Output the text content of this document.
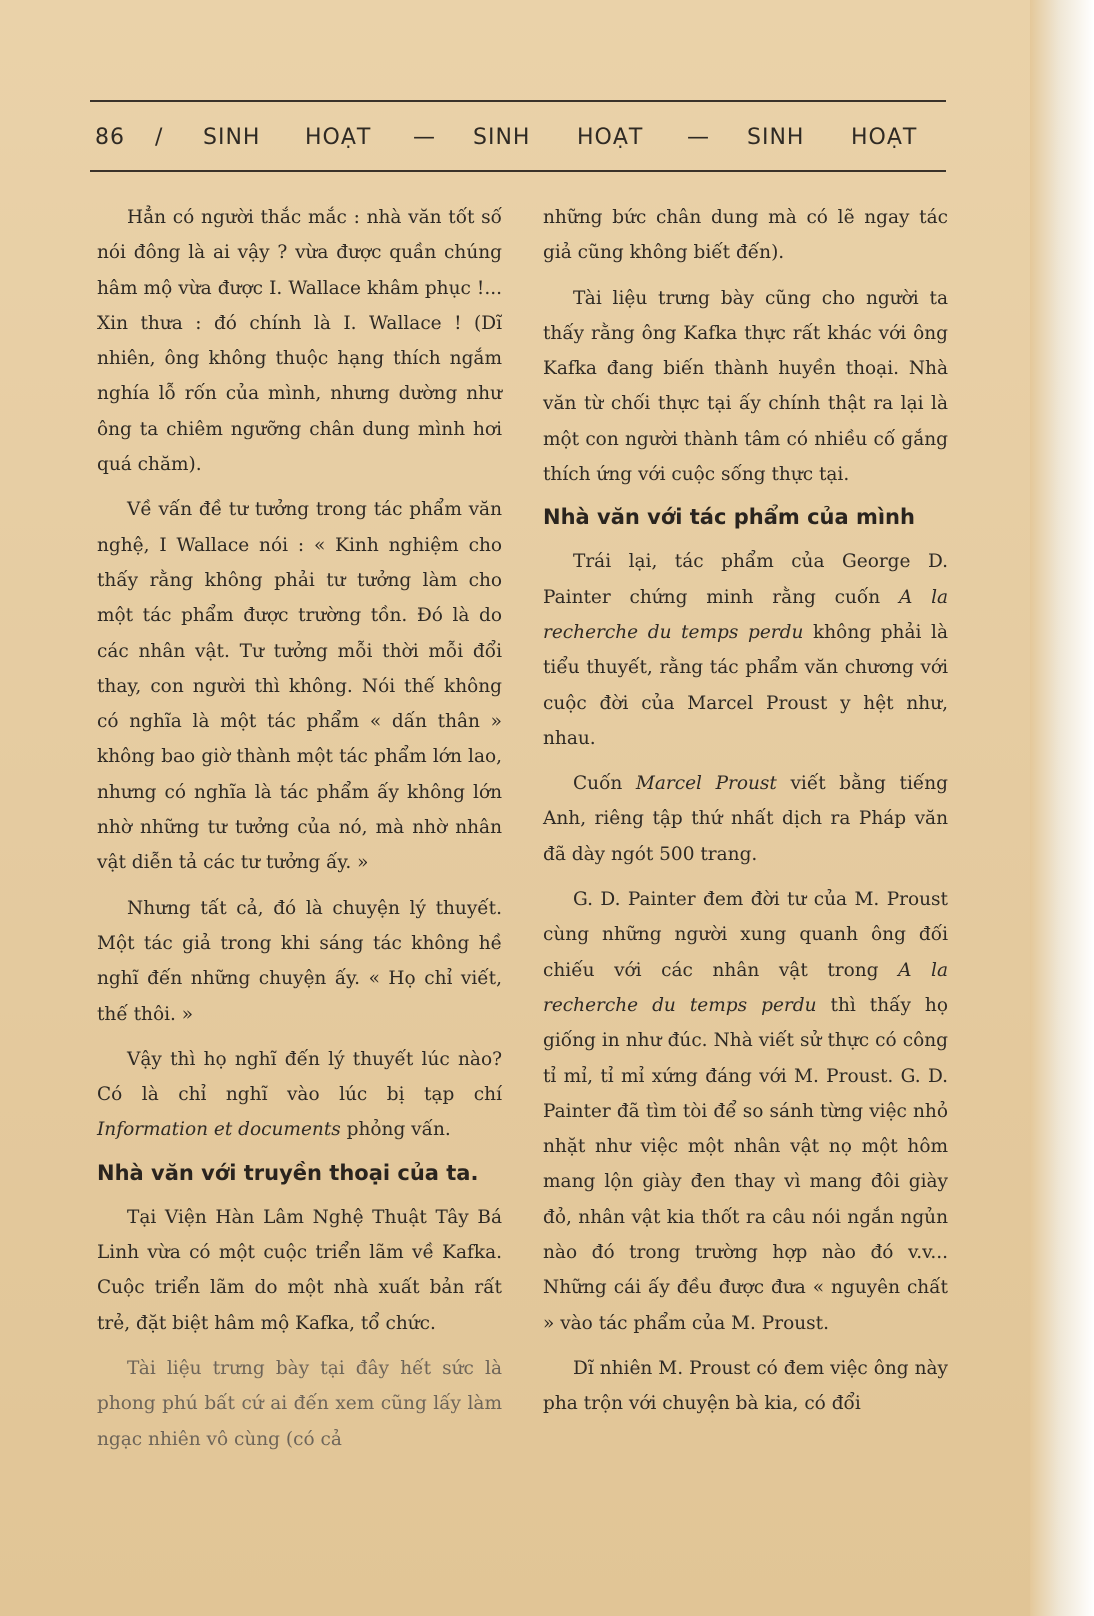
86 / SINH HOẠT — SINH HOẠT — SINH HOẠT

Hẳn có người thắc mắc : nhà văn tốt số nói đông là ai vậy ? vừa được quần chúng hâm mộ vừa được I. Wallace khâm phục !... Xin thưa : đó chính là I. Wallace ! (Dĩ nhiên, ông không thuộc hạng thích ngắm nghía lỗ rốn của mình, nhưng dường như ông ta chiêm ngưỡng chân dung mình hơi quá chăm).

Về vấn đề tư tưởng trong tác phẩm văn nghệ, I Wallace nói : « Kinh nghiệm cho thấy rằng không phải tư tưởng làm cho một tác phẩm được trường tồn. Đó là do các nhân vật. Tư tưởng mỗi thời mỗi đổi thay, con người thì không. Nói thế không có nghĩa là một tác phẩm « dấn thân » không bao giờ thành một tác phẩm lớn lao, nhưng có nghĩa là tác phẩm ấy không lớn nhờ những tư tưởng của nó, mà nhờ nhân vật diễn tả các tư tưởng ấy. »

Nhưng tất cả, đó là chuyện lý thuyết. Một tác giả trong khi sáng tác không hề nghĩ đến những chuyện ấy. « Họ chỉ viết, thế thôi. »

Vậy thì họ nghĩ đến lý thuyết lúc nào? Có là chỉ nghĩ vào lúc bị tạp chí Information et documents phỏng vấn.

Nhà văn với truyền thoại của ta.

Tại Viện Hàn Lâm Nghệ Thuật Tây Bá Linh vừa có một cuộc triển lãm về Kafka. Cuộc triển lãm do một nhà xuất bản rất trẻ, đặt biệt hâm mộ Kafka, tổ chức.

Tài liệu trưng bày tại đây hết sức là phong phú bất cứ ai đến xem cũng lấy làm ngạc nhiên vô cùng (có cả

những bức chân dung mà có lẽ ngay tác giả cũng không biết đến).

Tài liệu trưng bày cũng cho người ta thấy rằng ông Kafka thực rất khác với ông Kafka đang biến thành huyền thoại. Nhà văn từ chối thực tại ấy chính thật ra lại là một con người thành tâm có nhiều cố gắng thích ứng với cuộc sống thực tại.

Nhà văn với tác phẩm của mình

Trái lại, tác phẩm của George D. Painter chứng minh rằng cuốn A la recherche du temps perdu không phải là tiểu thuyết, rằng tác phẩm văn chương với cuộc đời của Marcel Proust y hệt như, nhau.

Cuốn Marcel Proust viết bằng tiếng Anh, riêng tập thứ nhất dịch ra Pháp văn đã dày ngót 500 trang.

G. D. Painter đem đời tư của M. Proust cùng những người xung quanh ông đối chiếu với các nhân vật trong A la recherche du temps perdu thì thấy họ giống in như đúc. Nhà viết sử thực có công tỉ mỉ, tỉ mỉ xứng đáng với M. Proust. G. D. Painter đã tìm tòi để so sánh từng việc nhỏ nhặt như việc một nhân vật nọ một hôm mang lộn giày đen thay vì mang đôi giày đỏ, nhân vật kia thốt ra câu nói ngắn ngủn nào đó trong trường hợp nào đó v.v... Những cái ấy đều được đưa « nguyên chất » vào tác phẩm của M. Proust.

Dĩ nhiên M. Proust có đem việc ông này pha trộn với chuyện bà kia, có đổi
